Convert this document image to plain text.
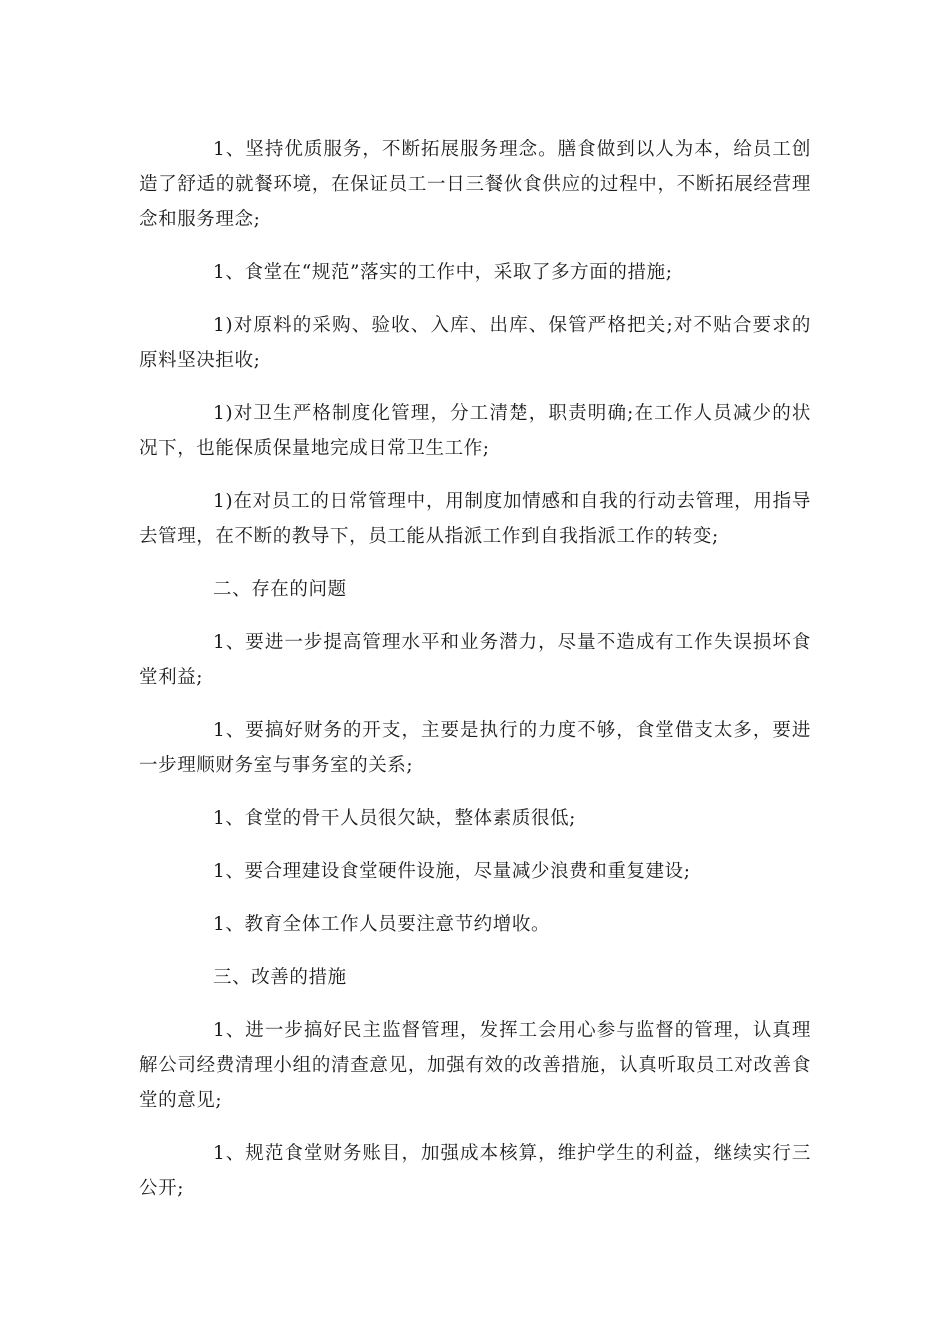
1、坚持优质服务，不断拓展服务理念。膳食做到以人为本，给员工创造了舒适的就餐环境，在保证员工一日三餐伙食供应的过程中，不断拓展经营理念和服务理念;

1、食堂在“规范”落实的工作中，采取了多方面的措施;

1)对原料的采购、验收、入库、出库、保管严格把关;对不贴合要求的原料坚决拒收;

1)对卫生严格制度化管理，分工清楚，职责明确;在工作人员减少的状况下，也能保质保量地完成日常卫生工作;

1)在对员工的日常管理中，用制度加情感和自我的行动去管理，用指导去管理，在不断的教导下，员工能从指派工作到自我指派工作的转变;

二、存在的问题

1、要进一步提高管理水平和业务潜力，尽量不造成有工作失误损坏食堂利益;

1、要搞好财务的开支，主要是执行的力度不够，食堂借支太多，要进一步理顺财务室与事务室的关系;

1、食堂的骨干人员很欠缺，整体素质很低;

1、要合理建设食堂硬件设施，尽量减少浪费和重复建设;

1、教育全体工作人员要注意节约增收。

三、改善的措施

1、进一步搞好民主监督管理，发挥工会用心参与监督的管理，认真理解公司经费清理小组的清查意见，加强有效的改善措施，认真听取员工对改善食堂的意见;

1、规范食堂财务账目，加强成本核算，维护学生的利益，继续实行三公开;
